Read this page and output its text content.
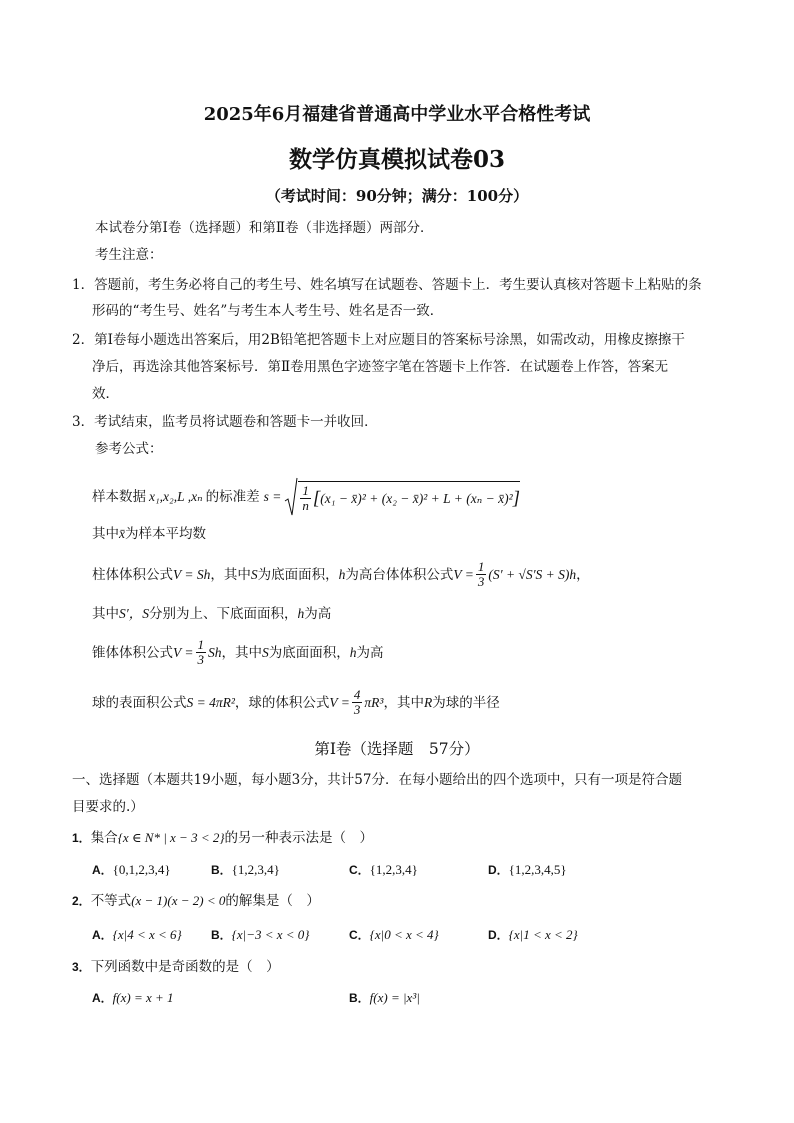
2025年6月福建省普通高中学业水平合格性考试
数学仿真模拟试卷03
（考试时间：90分钟；满分：100分）
本试卷分第Ⅰ卷（选择题）和第Ⅱ卷（非选择题）两部分．
考生注意：
1．答题前，考生务必将自己的考生号、姓名填写在试题卷、答题卡上．考生要认真核对答题卡上粘贴的条
形码的“考生号、姓名”与考生本人考生号、姓名是否一致．
2．第Ⅰ卷每小题选出答案后，用2B铅笔把答题卡上对应题目的答案标号涂黑，如需改动，用橡皮擦擦干
净后，再选涂其他答案标号．第Ⅱ卷用黑色字迹签字笔在答题卡上作答．在试题卷上作答，答案无
效．
3．考试结束，监考员将试题卷和答题卡一并收回．
参考公式：
样本数据 x₁,x₂,L ,xₙ 的标准差 $s = \frac{1}{n}$ [ (x₁ − x̄)² + (x₂ − x̄)² + L + (xₙ − x̄)² ]
其中x̄为样本平均数
柱体体积公式 V = Sh ，其中 S 为底面面积， h 为高台体体积公式 $V = \frac{1}{3} (S' + √S'S + S)h$ ，
其中S′，S分别为上、下底面面积，h为高
锥体体积公式 $V = \frac{1}{3}$ Sh ，其中 S 为底面面积， h 为高
球的表面积公式 S = 4πR² ，球的体积公式 $V = \frac{4}{3} \pi R^3$ ，其中 R 为球的半径
第Ⅰ卷（选择题　57分）
一、选择题（本题共19小题，每小题3分，共计57分．在每小题给出的四个选项中，只有一项是符合题
目要求的.）
1．集合{x ∈ N* | x − 3 < 2}的另一种表示法是（　）
A．{0,1,2,3,4}	B．{1,2,3,4}	C．{1,2,3,4}	D．{1,2,3,4,5}
2．不等式(x − 1)(x − 2) < 0的解集是（　）
A．{x|4 < x < 6} B．{x|−3 < x < 0}	C．{x|0 < x < 4}	D．{x|1 < x < 2}
3．下列函数中是奇函数的是（　）
A．f(x) = x + 1	B．f(x) = |x³|
